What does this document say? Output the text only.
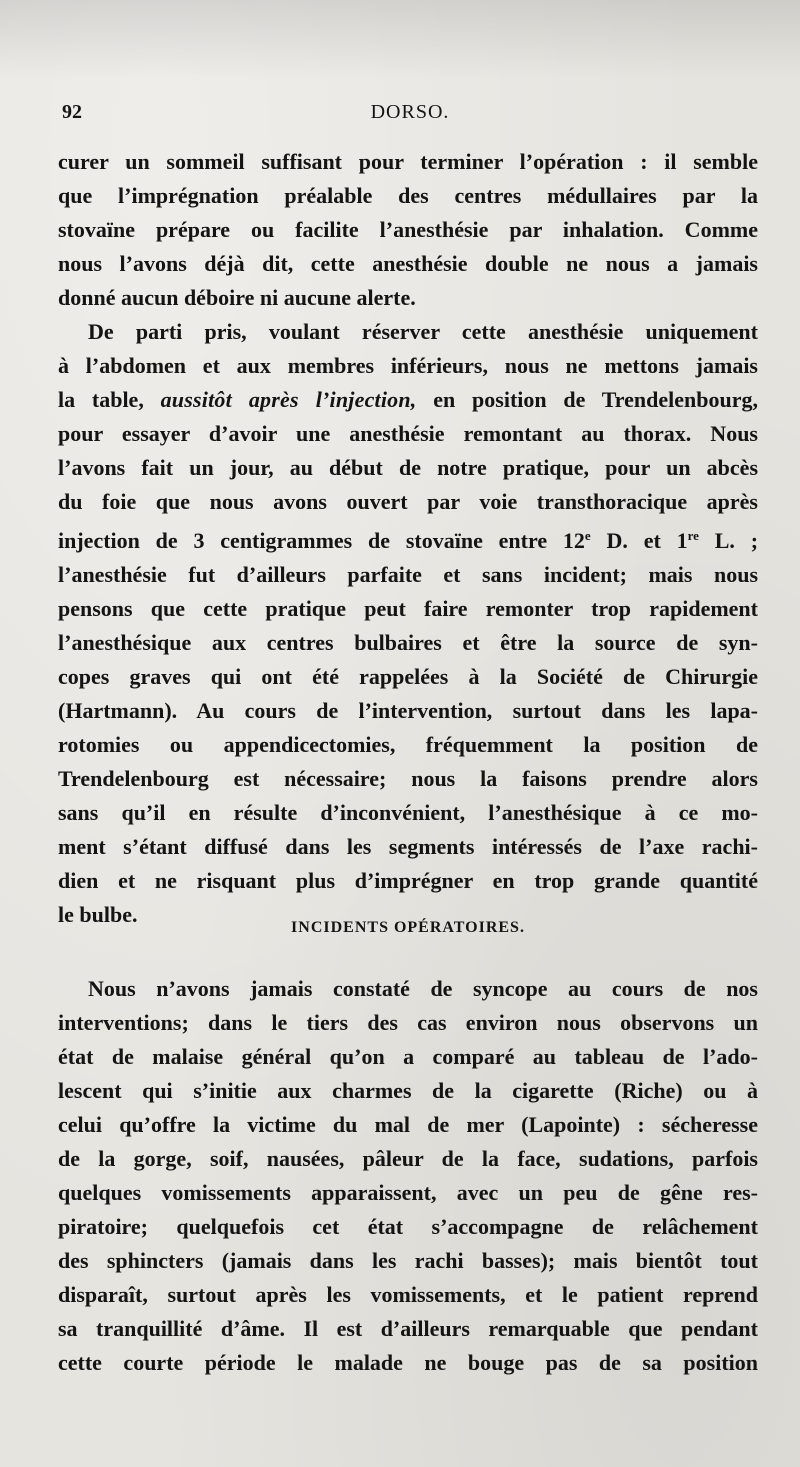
92	DORSO.

curer un sommeil suffisant pour terminer l’opération : il semble
que l’imprégnation préalable des centres médullaires par la
stovaïne prépare ou facilite l’anesthésie par inhalation. Comme
nous l’avons déjà dit, cette anesthésie double ne nous a jamais
donné aucun déboire ni aucune alerte.

De parti pris, voulant réserver cette anesthésie uniquement
à l’abdomen et aux membres inférieurs, nous ne mettons jamais
la table, aussitôt après l’injection, en position de Trendelenbourg,
pour essayer d’avoir une anesthésie remontant au thorax. Nous
l’avons fait un jour, au début de notre pratique, pour un abcès
du foie que nous avons ouvert par voie transthoracique après
injection de 3 centigrammes de stovaïne entre 12e D. et 1re L. ;
l’anesthésie fut d’ailleurs parfaite et sans incident; mais nous
pensons que cette pratique peut faire remonter trop rapidement
l’anesthésique aux centres bulbaires et être la source de syn-
copes graves qui ont été rappelées à la Société de Chirurgie
(Hartmann). Au cours de l’intervention, surtout dans les lapa-
rotomies ou appendicectomies, fréquemment la position de
Trendelenbourg est nécessaire; nous la faisons prendre alors
sans qu’il en résulte d’inconvénient, l’anesthésique à ce mo-
ment s’étant diffusé dans les segments intéressés de l’axe rachi-
dien et ne risquant plus d’imprégner en trop grande quantité
le bulbe.

INCIDENTS OPÉRATOIRES.

Nous n’avons jamais constaté de syncope au cours de nos
interventions; dans le tiers des cas environ nous observons un
état de malaise général qu’on a comparé au tableau de l’ado-
lescent qui s’initie aux charmes de la cigarette (Riche) ou à
celui qu’offre la victime du mal de mer (Lapointe) : sécheresse
de la gorge, soif, nausées, pâleur de la face, sudations, parfois
quelques vomissements apparaissent, avec un peu de gêne res-
piratoire; quelquefois cet état s’accompagne de relâchement
des sphincters (jamais dans les rachi basses); mais bientôt tout
disparaît, surtout après les vomissements, et le patient reprend
sa tranquillité d’âme. Il est d’ailleurs remarquable que pendant
cette courte période le malade ne bouge pas de sa position
